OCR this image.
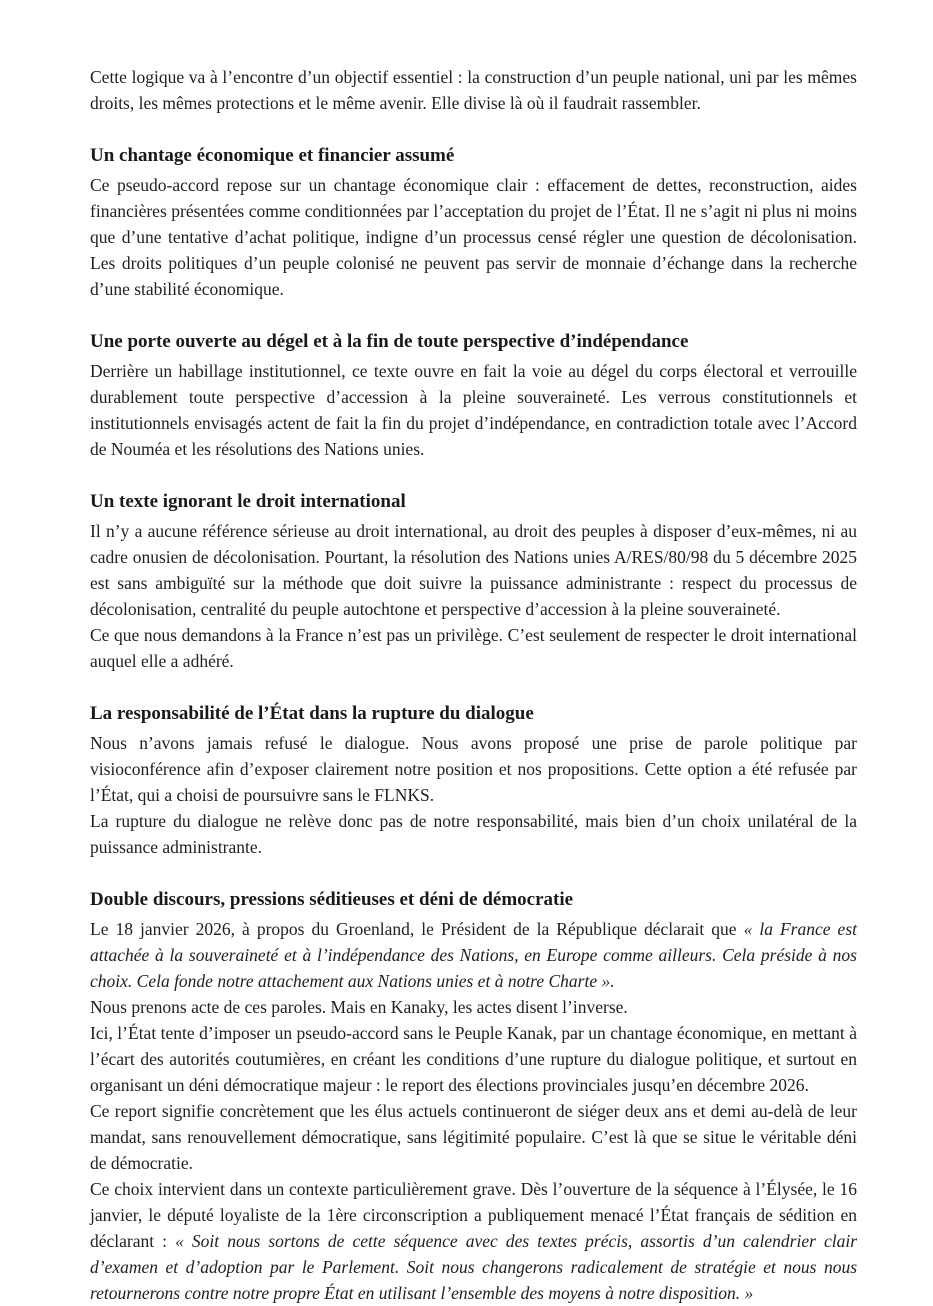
Cette logique va à l’encontre d’un objectif essentiel : la construction d’un peuple national, uni par les mêmes droits, les mêmes protections et le même avenir. Elle divise là où il faudrait rassembler.

Un chantage économique et financier assumé

Ce pseudo-accord repose sur un chantage économique clair : effacement de dettes, reconstruction, aides financières présentées comme conditionnées par l’acceptation du projet de l’État. Il ne s’agit ni plus ni moins que d’une tentative d’achat politique, indigne d’un processus censé régler une question de décolonisation. Les droits politiques d’un peuple colonisé ne peuvent pas servir de monnaie d’échange dans la recherche d’une stabilité économique.

Une porte ouverte au dégel et à la fin de toute perspective d’indépendance

Derrière un habillage institutionnel, ce texte ouvre en fait la voie au dégel du corps électoral et verrouille durablement toute perspective d’accession à la pleine souveraineté. Les verrous constitutionnels et institutionnels envisagés actent de fait la fin du projet d’indépendance, en contradiction totale avec l’Accord de Nouméa et les résolutions des Nations unies.

Un texte ignorant le droit international

Il n’y a aucune référence sérieuse au droit international, au droit des peuples à disposer d’eux-mêmes, ni au cadre onusien de décolonisation. Pourtant, la résolution des Nations unies A/RES/80/98 du 5 décembre 2025 est sans ambiguïté sur la méthode que doit suivre la puissance administrante : respect du processus de décolonisation, centralité du peuple autochtone et perspective d’accession à la pleine souveraineté.

Ce que nous demandons à la France n’est pas un privilège. C’est seulement de respecter le droit international auquel elle a adhéré.

La responsabilité de l’État dans la rupture du dialogue

Nous n’avons jamais refusé le dialogue. Nous avons proposé une prise de parole politique par visioconférence afin d’exposer clairement notre position et nos propositions. Cette option a été refusée par l’État, qui a choisi de poursuivre sans le FLNKS.

La rupture du dialogue ne relève donc pas de notre responsabilité, mais bien d’un choix unilatéral de la puissance administrante.

Double discours, pressions séditieuses et déni de démocratie

Le 18 janvier 2026, à propos du Groenland, le Président de la République déclarait que « la France est attachée à la souveraineté et à l’indépendance des Nations, en Europe comme ailleurs. Cela préside à nos choix. Cela fonde notre attachement aux Nations unies et à notre Charte ».

Nous prenons acte de ces paroles. Mais en Kanaky, les actes disent l’inverse.

Ici, l’État tente d’imposer un pseudo-accord sans le Peuple Kanak, par un chantage économique, en mettant à l’écart des autorités coutumières, en créant les conditions d’une rupture du dialogue politique, et surtout en organisant un déni démocratique majeur : le report des élections provinciales jusqu’en décembre 2026.

Ce report signifie concrètement que les élus actuels continueront de siéger deux ans et demi au-delà de leur mandat, sans renouvellement démocratique, sans légitimité populaire. C’est là que se situe le véritable déni de démocratie.

Ce choix intervient dans un contexte particulièrement grave. Dès l’ouverture de la séquence à l’Élysée, le 16 janvier, le député loyaliste de la 1ère circonscription a publiquement menacé l’État français de sédition en déclarant : « Soit nous sortons de cette séquence avec des textes précis, assortis d’un calendrier clair d’examen et d’adoption par le Parlement. Soit nous changerons radicalement de stratégie et nous nous retournerons contre notre propre État en utilisant l’ensemble des moyens à notre disposition. »
